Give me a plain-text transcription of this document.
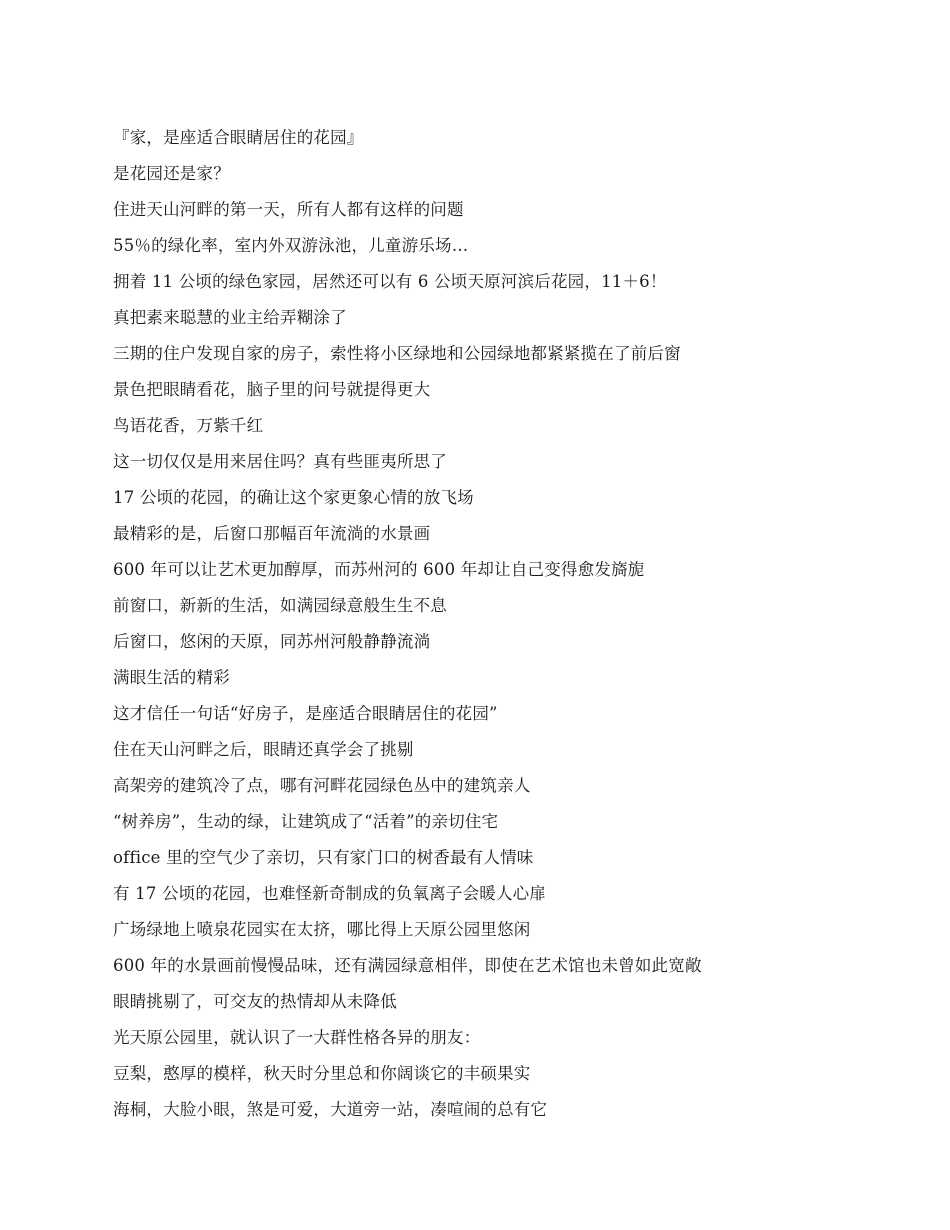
『家，是座适合眼睛居住的花园』
是花园还是家？
住进天山河畔的第一天，所有人都有这样的问题
55％的绿化率，室内外双游泳池，儿童游乐场…
拥着 11 公顷的绿色家园，居然还可以有 6 公顷天原河滨后花园，11＋6！
真把素来聪慧的业主给弄糊涂了
三期的住户发现自家的房子，索性将小区绿地和公园绿地都紧紧揽在了前后窗
景色把眼睛看花，脑子里的问号就提得更大
鸟语花香，万紫千红
这一切仅仅是用来居住吗？真有些匪夷所思了
17 公顷的花园，的确让这个家更象心情的放飞场
最精彩的是，后窗口那幅百年流淌的水景画
600 年可以让艺术更加醇厚，而苏州河的 600 年却让自己变得愈发旖旎
前窗口，新新的生活，如满园绿意般生生不息
后窗口，悠闲的天原，同苏州河般静静流淌
满眼生活的精彩
这才信任一句话“好房子，是座适合眼睛居住的花园”
住在天山河畔之后，眼睛还真学会了挑剔
高架旁的建筑冷了点，哪有河畔花园绿色丛中的建筑亲人
“树养房”，生动的绿，让建筑成了“活着”的亲切住宅
office 里的空气少了亲切，只有家门口的树香最有人情味
有 17 公顷的花园，也难怪新奇制成的负氧离子会暖人心扉
广场绿地上喷泉花园实在太挤，哪比得上天原公园里悠闲
600 年的水景画前慢慢品味，还有满园绿意相伴，即使在艺术馆也未曾如此宽敞
眼睛挑剔了，可交友的热情却从未降低
光天原公园里，就认识了一大群性格各异的朋友：
豆梨，憨厚的模样，秋天时分里总和你阔谈它的丰硕果实
海桐，大脸小眼，煞是可爱，大道旁一站，凑喧闹的总有它
